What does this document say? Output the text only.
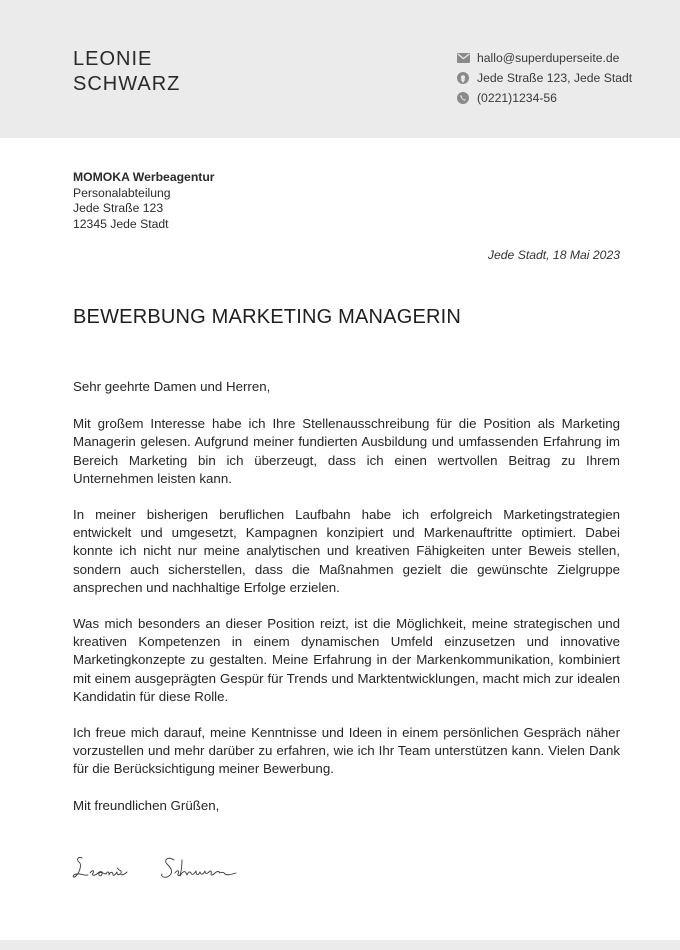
LEONIE
SCHWARZ
hallo@superduperseite.de
Jede Straße 123, Jede Stadt
(0221)1234-56
MOMOKA Werbeagentur
Personalabteilung
Jede Straße 123
12345 Jede Stadt
Jede Stadt, 18 Mai 2023
BEWERBUNG MARKETING MANAGERIN

Sehr geehrte Damen und Herren,

Mit großem Interesse habe ich Ihre Stellenausschreibung für die Position als Marketing Managerin gelesen. Aufgrund meiner fundierten Ausbildung und umfassenden Erfahrung im Bereich Marketing bin ich überzeugt, dass ich einen wertvollen Beitrag zu Ihrem Unternehmen leisten kann.

In meiner bisherigen beruflichen Laufbahn habe ich erfolgreich Marketingstrategien entwickelt und umgesetzt, Kampagnen konzipiert und Markenauftritte optimiert. Dabei konnte ich nicht nur meine analytischen und kreativen Fähigkeiten unter Beweis stellen, sondern auch sicherstellen, dass die Maßnahmen gezielt die gewünschte Zielgruppe ansprechen und nachhaltige Erfolge erzielen.

Was mich besonders an dieser Position reizt, ist die Möglichkeit, meine strategischen und kreativen Kompetenzen in einem dynamischen Umfeld einzusetzen und innovative Marketingkonzepte zu gestalten. Meine Erfahrung in der Markenkommunikation, kombiniert mit einem ausgeprägten Gespür für Trends und Marktentwicklungen, macht mich zur idealen Kandidatin für diese Rolle.

Ich freue mich darauf, meine Kenntnisse und Ideen in einem persönlichen Gespräch näher vorzustellen und mehr darüber zu erfahren, wie ich Ihr Team unterstützen kann. Vielen Dank für die Berücksichtigung meiner Bewerbung.

Mit freundlichen Grüßen,
